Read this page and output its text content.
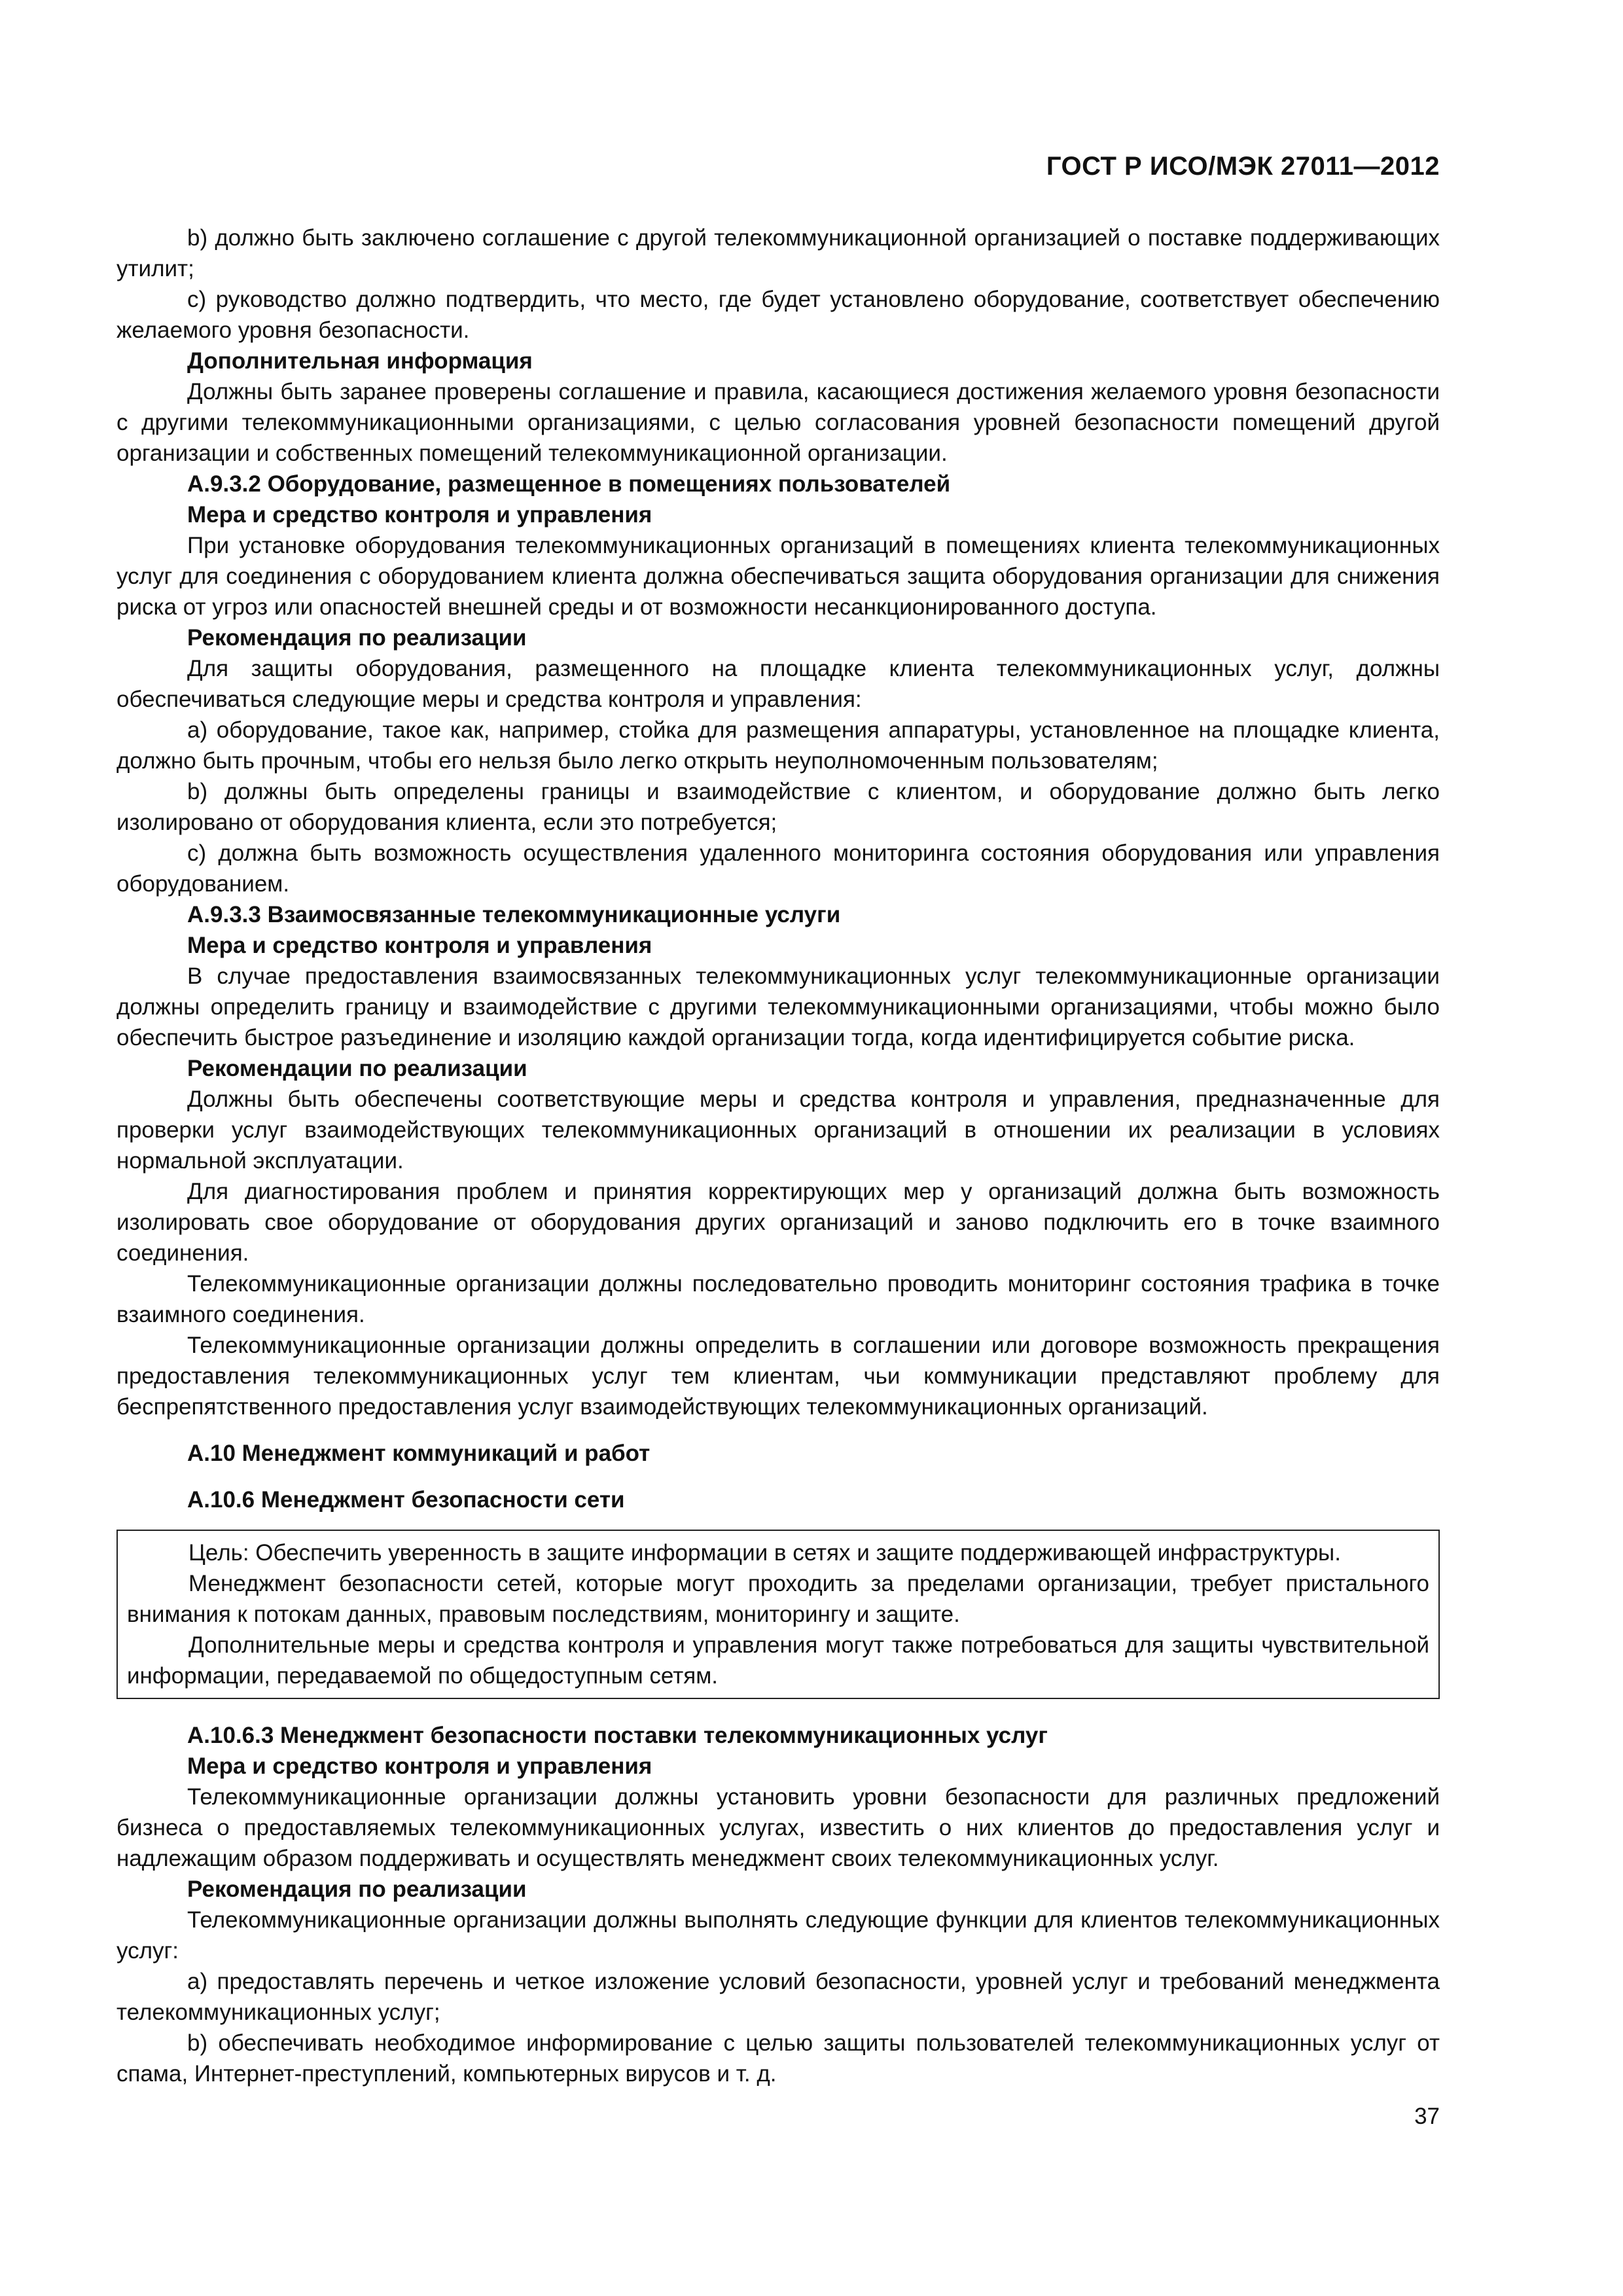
ГОСТ Р ИСО/МЭК 27011—2012

b) должно быть заключено соглашение с другой телекоммуникационной организацией о поставке поддерживающих утилит;

c) руководство должно подтвердить, что место, где будет установлено оборудование, соответствует обеспечению желаемого уровня безопасности.

Дополнительная информация

Должны быть заранее проверены соглашение и правила, касающиеся достижения желаемого уровня безопасности с другими телекоммуникационными организациями, с целью согласования уровней безопасности помещений другой организации и собственных помещений телекоммуникационной организации.

A.9.3.2 Оборудование, размещенное в помещениях пользователей

Мера и средство контроля и управления

При установке оборудования телекоммуникационных организаций в помещениях клиента телекоммуникационных услуг для соединения с оборудованием клиента должна обеспечиваться защита оборудования организации для снижения риска от угроз или опасностей внешней среды и от возможности несанкционированного доступа.

Рекомендация по реализации

Для защиты оборудования, размещенного на площадке клиента телекоммуникационных услуг, должны обеспечиваться следующие меры и средства контроля и управления:

a) оборудование, такое как, например, стойка для размещения аппаратуры, установленное на площадке клиента, должно быть прочным, чтобы его нельзя было легко открыть неуполномоченным пользователям;

b) должны быть определены границы и взаимодействие с клиентом, и оборудование должно быть легко изолировано от оборудования клиента, если это потребуется;

c) должна быть возможность осуществления удаленного мониторинга состояния оборудования или управления оборудованием.

A.9.3.3 Взаимосвязанные телекоммуникационные услуги

Мера и средство контроля и управления

В случае предоставления взаимосвязанных телекоммуникационных услуг телекоммуникационные организации должны определить границу и взаимодействие с другими телекоммуникационными организациями, чтобы можно было обеспечить быстрое разъединение и изоляцию каждой организации тогда, когда идентифицируется событие риска.

Рекомендации по реализации

Должны быть обеспечены соответствующие меры и средства контроля и управления, предназначенные для проверки услуг взаимодействующих телекоммуникационных организаций в отношении их реализации в условиях нормальной эксплуатации.

Для диагностирования проблем и принятия корректирующих мер у организаций должна быть возможность изолировать свое оборудование от оборудования других организаций и заново подключить его в точке взаимного соединения.

Телекоммуникационные организации должны последовательно проводить мониторинг состояния трафика в точке взаимного соединения.

Телекоммуникационные организации должны определить в соглашении или договоре возможность прекращения предоставления телекоммуникационных услуг тем клиентам, чьи коммуникации представляют проблему для беспрепятственного предоставления услуг взаимодействующих телекоммуникационных организаций.

A.10 Менеджмент коммуникаций и работ

A.10.6 Менеджмент безопасности сети

Цель: Обеспечить уверенность в защите информации в сетях и защите поддерживающей инфраструктуры.

Менеджмент безопасности сетей, которые могут проходить за пределами организации, требует пристального внимания к потокам данных, правовым последствиям, мониторингу и защите.

Дополнительные меры и средства контроля и управления могут также потребоваться для защиты чувствительной информации, передаваемой по общедоступным сетям.

A.10.6.3 Менеджмент безопасности поставки телекоммуникационных услуг

Мера и средство контроля и управления

Телекоммуникационные организации должны установить уровни безопасности для различных предложений бизнеса о предоставляемых телекоммуникационных услугах, известить о них клиентов до предоставления услуг и надлежащим образом поддерживать и осуществлять менеджмент своих телекоммуникационных услуг.

Рекомендация по реализации

Телекоммуникационные организации должны выполнять следующие функции для клиентов телекоммуникационных услуг:

a) предоставлять перечень и четкое изложение условий безопасности, уровней услуг и требований менеджмента телекоммуникационных услуг;

b) обеспечивать необходимое информирование с целью защиты пользователей телекоммуникационных услуг от спама, Интернет-преступлений, компьютерных вирусов и т. д.

37
